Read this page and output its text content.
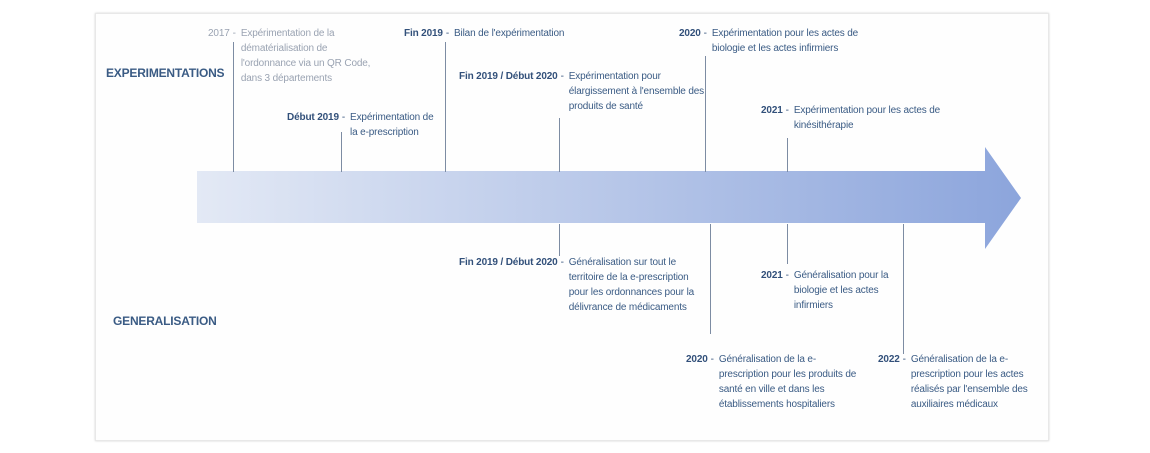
EXPERIMENTATIONS
GENERALISATION
2017 - Expérimentation de la
dématérialisation de
l'ordonnance via un QR Code,
dans 3 départements
Début 2019 - Expérimentation de
la e-prescription
Fin 2019 - Bilan de l'expérimentation
Fin 2019 / Début 2020 - Expérimentation pour
élargissement à l'ensemble des
produits de santé
2020 - Expérimentation pour les actes de
biologie et les actes infirmiers
2021 - Expérimentation pour les actes de
kinésithérapie
Fin 2019 / Début 2020 - Généralisation sur tout le
territoire de la e-prescription
pour les ordonnances pour la
délivrance de médicaments
2021 - Généralisation pour la
biologie et les actes
infirmiers
2020 - Généralisation de la e-
prescription pour les produits de
santé en ville et dans les
établissements hospitaliers
2022 - Généralisation de la e-
prescription pour les actes
réalisés par l'ensemble des
auxiliaires médicaux
